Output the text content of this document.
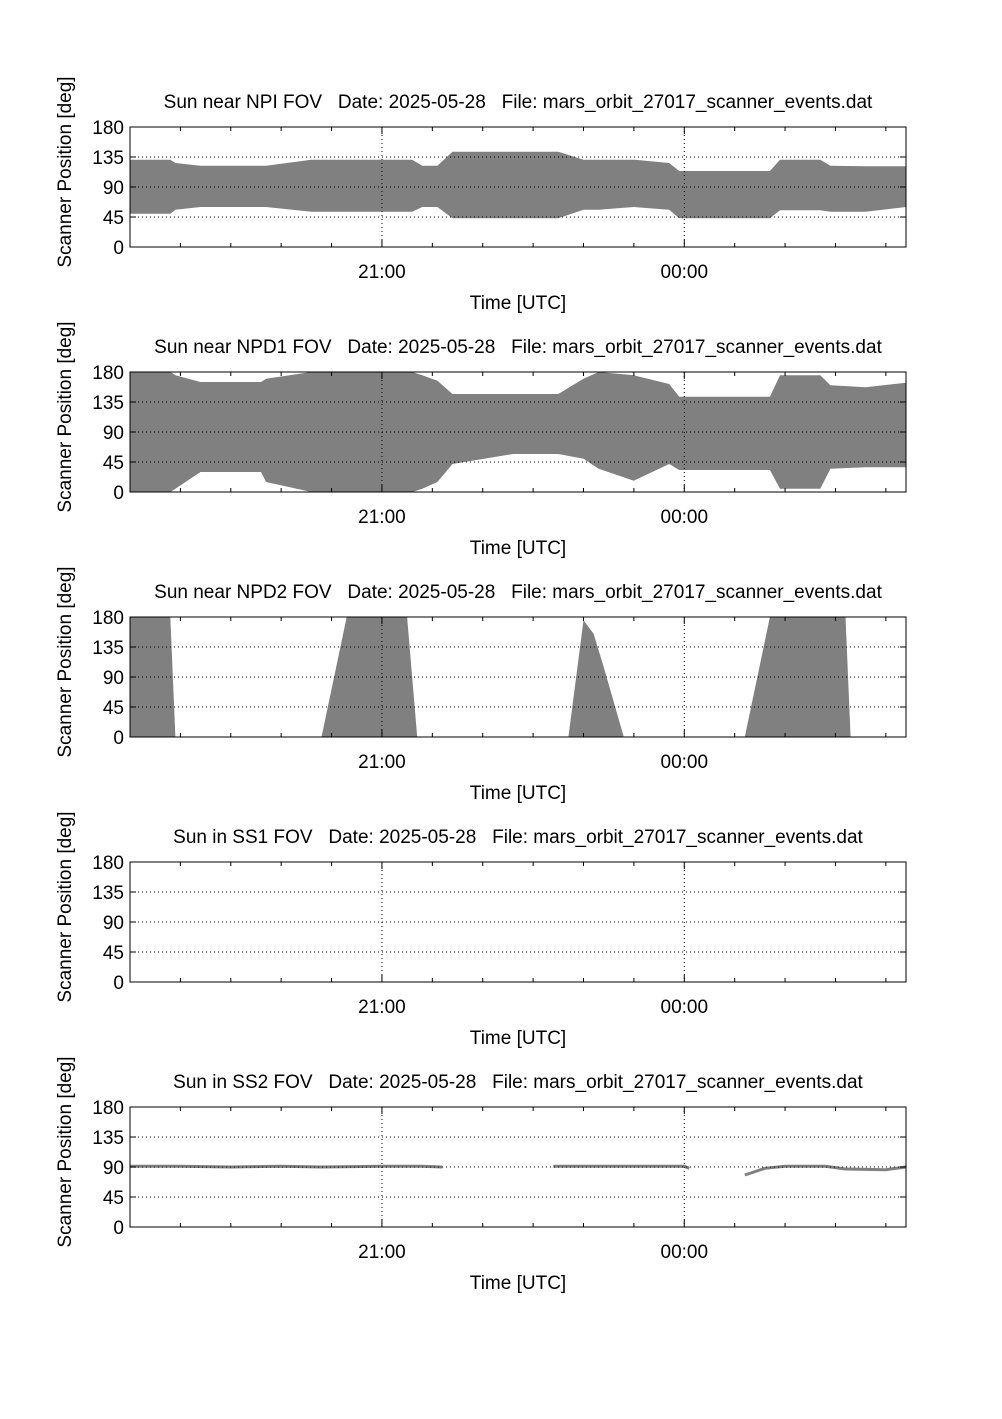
0
45
90
135
180
21:00	00:00
Sun near NPI FOV   Date: 2025-05-28   File: mars_orbit_27017_scanner_events.dat
Time [UTC]
Scanner Position [deg]
0
45
90
135
180
21:00	00:00
Sun near NPD1 FOV   Date: 2025-05-28   File: mars_orbit_27017_scanner_events.dat
Time [UTC]
Scanner Position [deg]
0
45
90
135
180
21:00	00:00
Sun near NPD2 FOV   Date: 2025-05-28   File: mars_orbit_27017_scanner_events.dat
Time [UTC]
Scanner Position [deg]
0
45
90
135
180
21:00	00:00
Sun in SS1 FOV   Date: 2025-05-28   File: mars_orbit_27017_scanner_events.dat
Time [UTC]
Scanner Position [deg]
0
45
90
135
180
21:00	00:00
Sun in SS2 FOV   Date: 2025-05-28   File: mars_orbit_27017_scanner_events.dat
Time [UTC]
Scanner Position [deg]
